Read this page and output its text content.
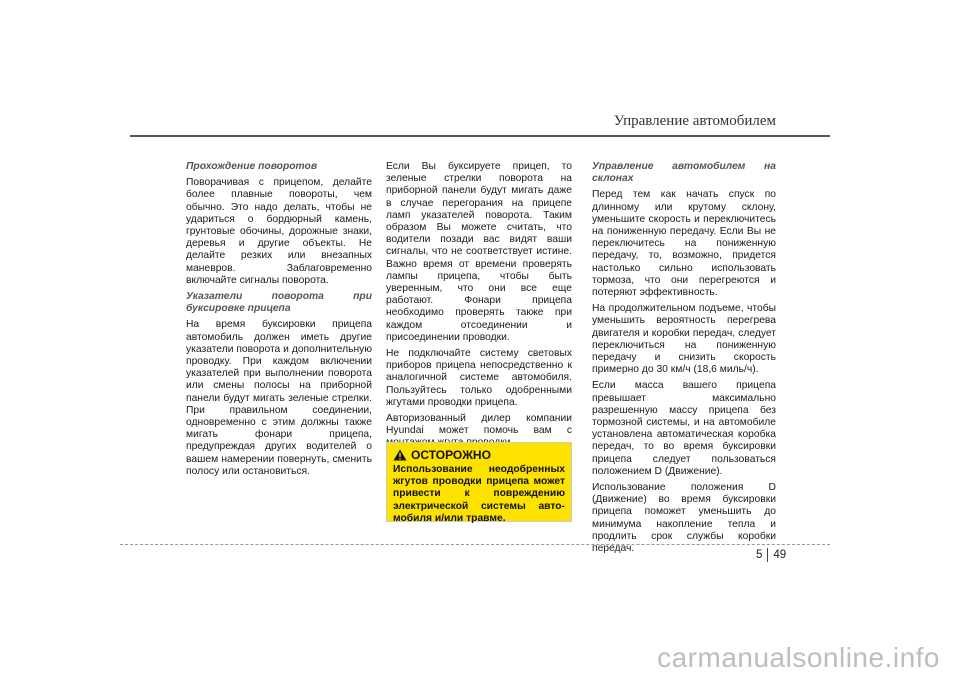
Управление автомобилем

Прохождение поворотов

Поворачивая с прицепом, делайте более плавные повороты, чем обычно. Это надо делать, чтобы не удариться о бордюрный камень, грунтовые обочины, дорожные знаки, деревья и другие объекты. Не делайте резких или внезапных маневров. Заблаговременно включайте сигналы поворота.

Указатели поворота при буксировке прицепа

На время буксировки прицепа автомобиль должен иметь другие указатели поворота и дополнительную проводку. При каждом включении указателей при выполнении поворота или смены полосы на приборной панели будут мигать зеленые стрелки. При правильном соединении, одновременно с этим должны также мигать фонари прицепа, предупреждая других водителей о вашем намерении повернуть, сменить полосу или остановиться.

Если Вы буксируете прицеп, то зеленые стрелки поворота на приборной панели будут мигать даже в случае перегорания на прицепе ламп указателей поворота. Таким образом Вы можете считать, что водители позади вас видят ваши сигналы, что не соответствует истине. Важно время от времени проверять лампы прицепа, чтобы быть уверенным, что они все еще работают. Фонари прицепа необходимо проверять также при каждом отсоединении и присоединении проводки.

Не подключайте систему световых приборов прицепа непосредственно к аналогичной системе автомобиля. Пользуйтесь только одобренными жгутами проводки прицепа.

Авторизованный дилер компании Hyundai может помочь вам с

ОСТОРОЖНО
Использование неодобренных жгутов проводки прицепа может привести к повреждению электрической системы авто-мобиля и/или травме.

Управление автомобилем на склонах

Перед тем как начать спуск по длинному или крутому склону, уменьшите скорость и переключитесь на пониженную передачу. Если Вы не переключитесь на пониженную передачу, то, возможно, придется настолько сильно использовать тормоза, что они перегреются и потеряют эффективность.

На продолжительном подъеме, чтобы уменьшить вероятность перегрева двигателя и коробки передач, следует переключиться на пониженную передачу и снизить скорость примерно до 30 км/ч (18,6 миль/ч).

Если масса вашего прицепа превышает максимально разрешенную массу прицепа без тормозной системы, и на автомобиле установлена автоматическая коробка передач, то во время буксировки прицепа следует пользоваться положением D (Движение).

Использование положения D (Движение) во время буксировки прицепа поможет уменьшить до минимума накопление тепла и продлить срок службы коробки передач.

5 49
carmanualsonline.info
